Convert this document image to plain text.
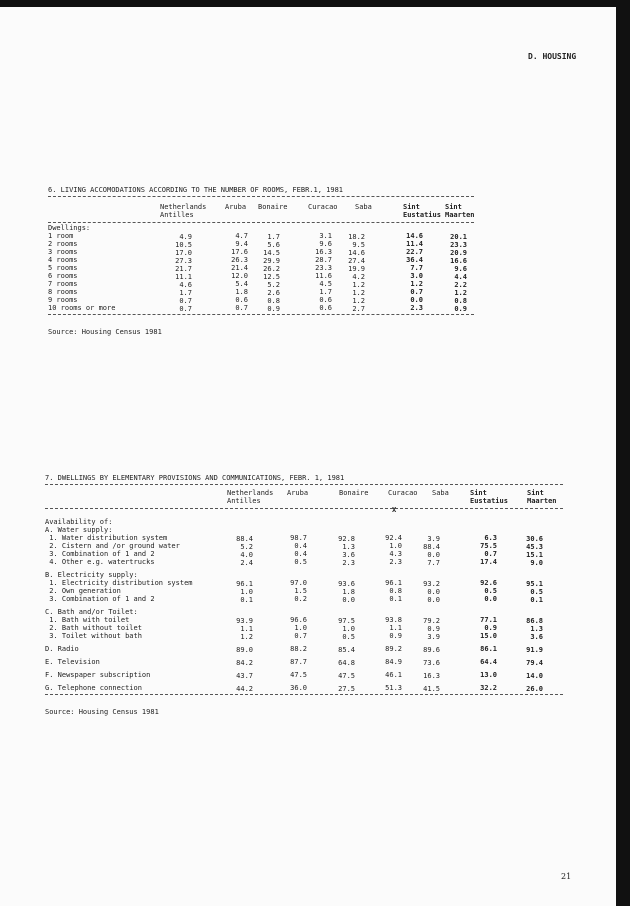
D. HOUSING
21
6. LIVING ACCOMODATIONS ACCORDING TO THE NUMBER OF ROOMS, FEBR.1, 1981
Netherlands
Antilles
Aruba Bonaire	Curacao Saba	Sint
Eustatius
Sint
Maarten
Dwellings:
1 room	4.9	4.7	1.7	3.1 18.2	14.6	20.1
2 rooms	10.5	9.4	5.6	9.6	9.5	11.4	23.3
3 rooms	17.0	17.6 14.5	16.3 14.6	22.7	20.9
4 rooms	27.3	26.3 29.9	28.7 27.4	36.4	16.6
5 rooms	21.7	21.4 26.2	23.3 19.9	7.7	9.6
6 rooms	11.1	12.0 12.5	11.6	4.2	3.0	4.4
7 rooms	4.6	5.4	5.2	4.5	1.2	1.2	2.2
8 rooms	1.7	1.8	2.6	1.7	1.2	0.7	1.2
9 rooms	0.7	0.6	0.8	0.6	1.2	0.0	0.8
10 rooms or more	0.7	0.7	0.9	0.6	2.7	2.3	0.9
Source: Housing Census 1981
7. DWELLINGS BY ELEMENTARY PROVISIONS AND COMMUNICATIONS, FEBR. 1, 1981
Netherlands
Antilles
Aruba	Bonaire	Curacao Saba	Sint
Eustatius
Sint
Maarten
X
Availability of:
A. Water supply:
1. Water distribution system	88.4	98.7	92.8	92.4	3.9	6.3	30.6
2. Cistern and /or ground water	5.2	0.4	1.3	1.0	88.4	75.5	45.3
3. Combination of 1 and 2	4.0	0.4	3.6	4.3	0.0	0.7	15.1
4. Other e.g. watertrucks	2.4	0.5	2.3	2.3	7.7	17.4	9.0
B. Electricity supply:
1. Electricity distribution system	96.1	97.0	93.6	96.1	93.2	92.6	95.1
2. Own generation	1.0	1.5	1.8	0.8	0.0	0.5	0.5
3. Combination of 1 and 2	0.1	0.2	0.0	0.1	0.0	0.0	0.1
C. Bath and/or Toilet:
1. Bath with toilet	93.9	96.6	97.5	93.8	79.2	77.1	86.8
2. Bath without toilet	1.1	1.0	1.0	1.1	0.9	0.9	1.3
3. Toilet without bath	1.2	0.7	0.5	0.9	3.9	15.0	3.6
D. Radio	89.0	88.2	85.4	89.2	89.6	86.1	91.9
E. Television	84.2	87.7	64.8	84.9	73.6	64.4	79.4
F. Newspaper subscription	43.7	47.5	47.5	46.1	16.3	13.0	14.0
G. Telephone connection	44.2	36.0	27.5	51.3	41.5	32.2	26.0
Source: Housing Census 1981
